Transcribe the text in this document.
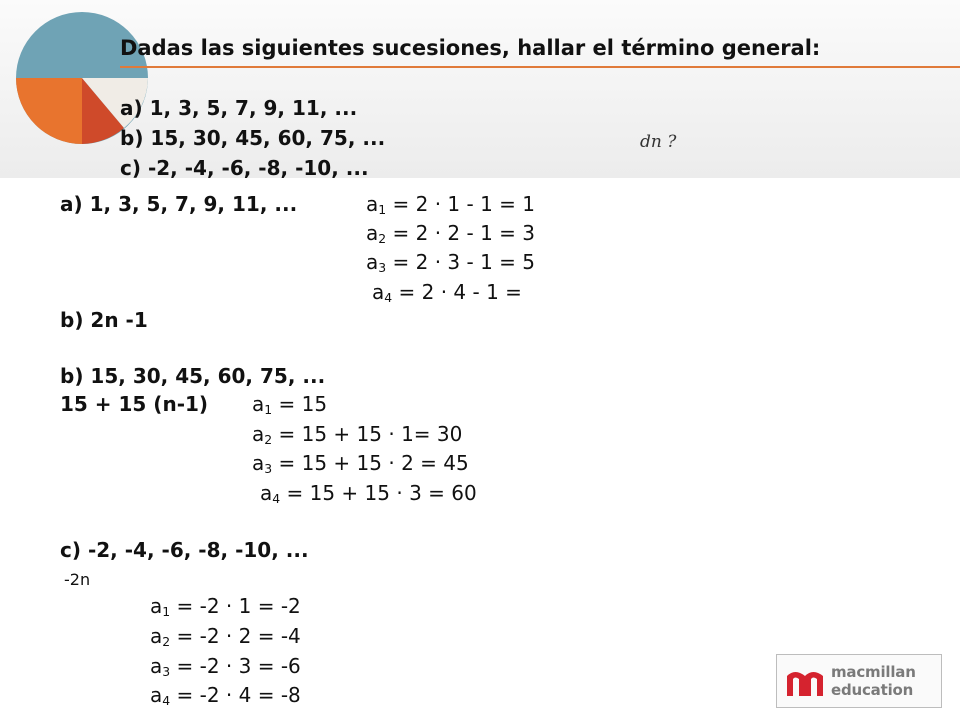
Dadas las siguientes sucesiones, hallar el término general:
a) 1, 3, 5, 7, 9, 11, ...
b) 15, 30, 45, 60, 75, ...
c) -2, -4, -6, -8, -10, ...
dn ?
a) 1, 3, 5, 7, 9, 11, ...	$a_1 = 2 \cdot 1 - 1 = 1$
$a_2 = 2 \cdot 2 - 1 = 3$
$a_3 = 2 \cdot 3 - 1 = 5$
$a_4 = 2 \cdot 4 - 1$ =
b) 2n -1
b) 15, 30, 45, 60, 75, ...
15 + 15 (n-1) $a_1 = 15$
$a_2 = 15 + 15 \cdot 1= 30$
$a_3 = 15 + 15 \cdot 2 = 45$
$a_4 = 15 + 15 \cdot 3 = 60$
c) -2, -4, -6, -8, -10, ...
-2n
$a_1 = -2 \cdot 1 = -2$
$a_2 = -2 \cdot 2 = -4$
$a_3 = -2 \cdot 3 = -6$
$a_4 = -2 \cdot 4 = -8$
macmillan
education
